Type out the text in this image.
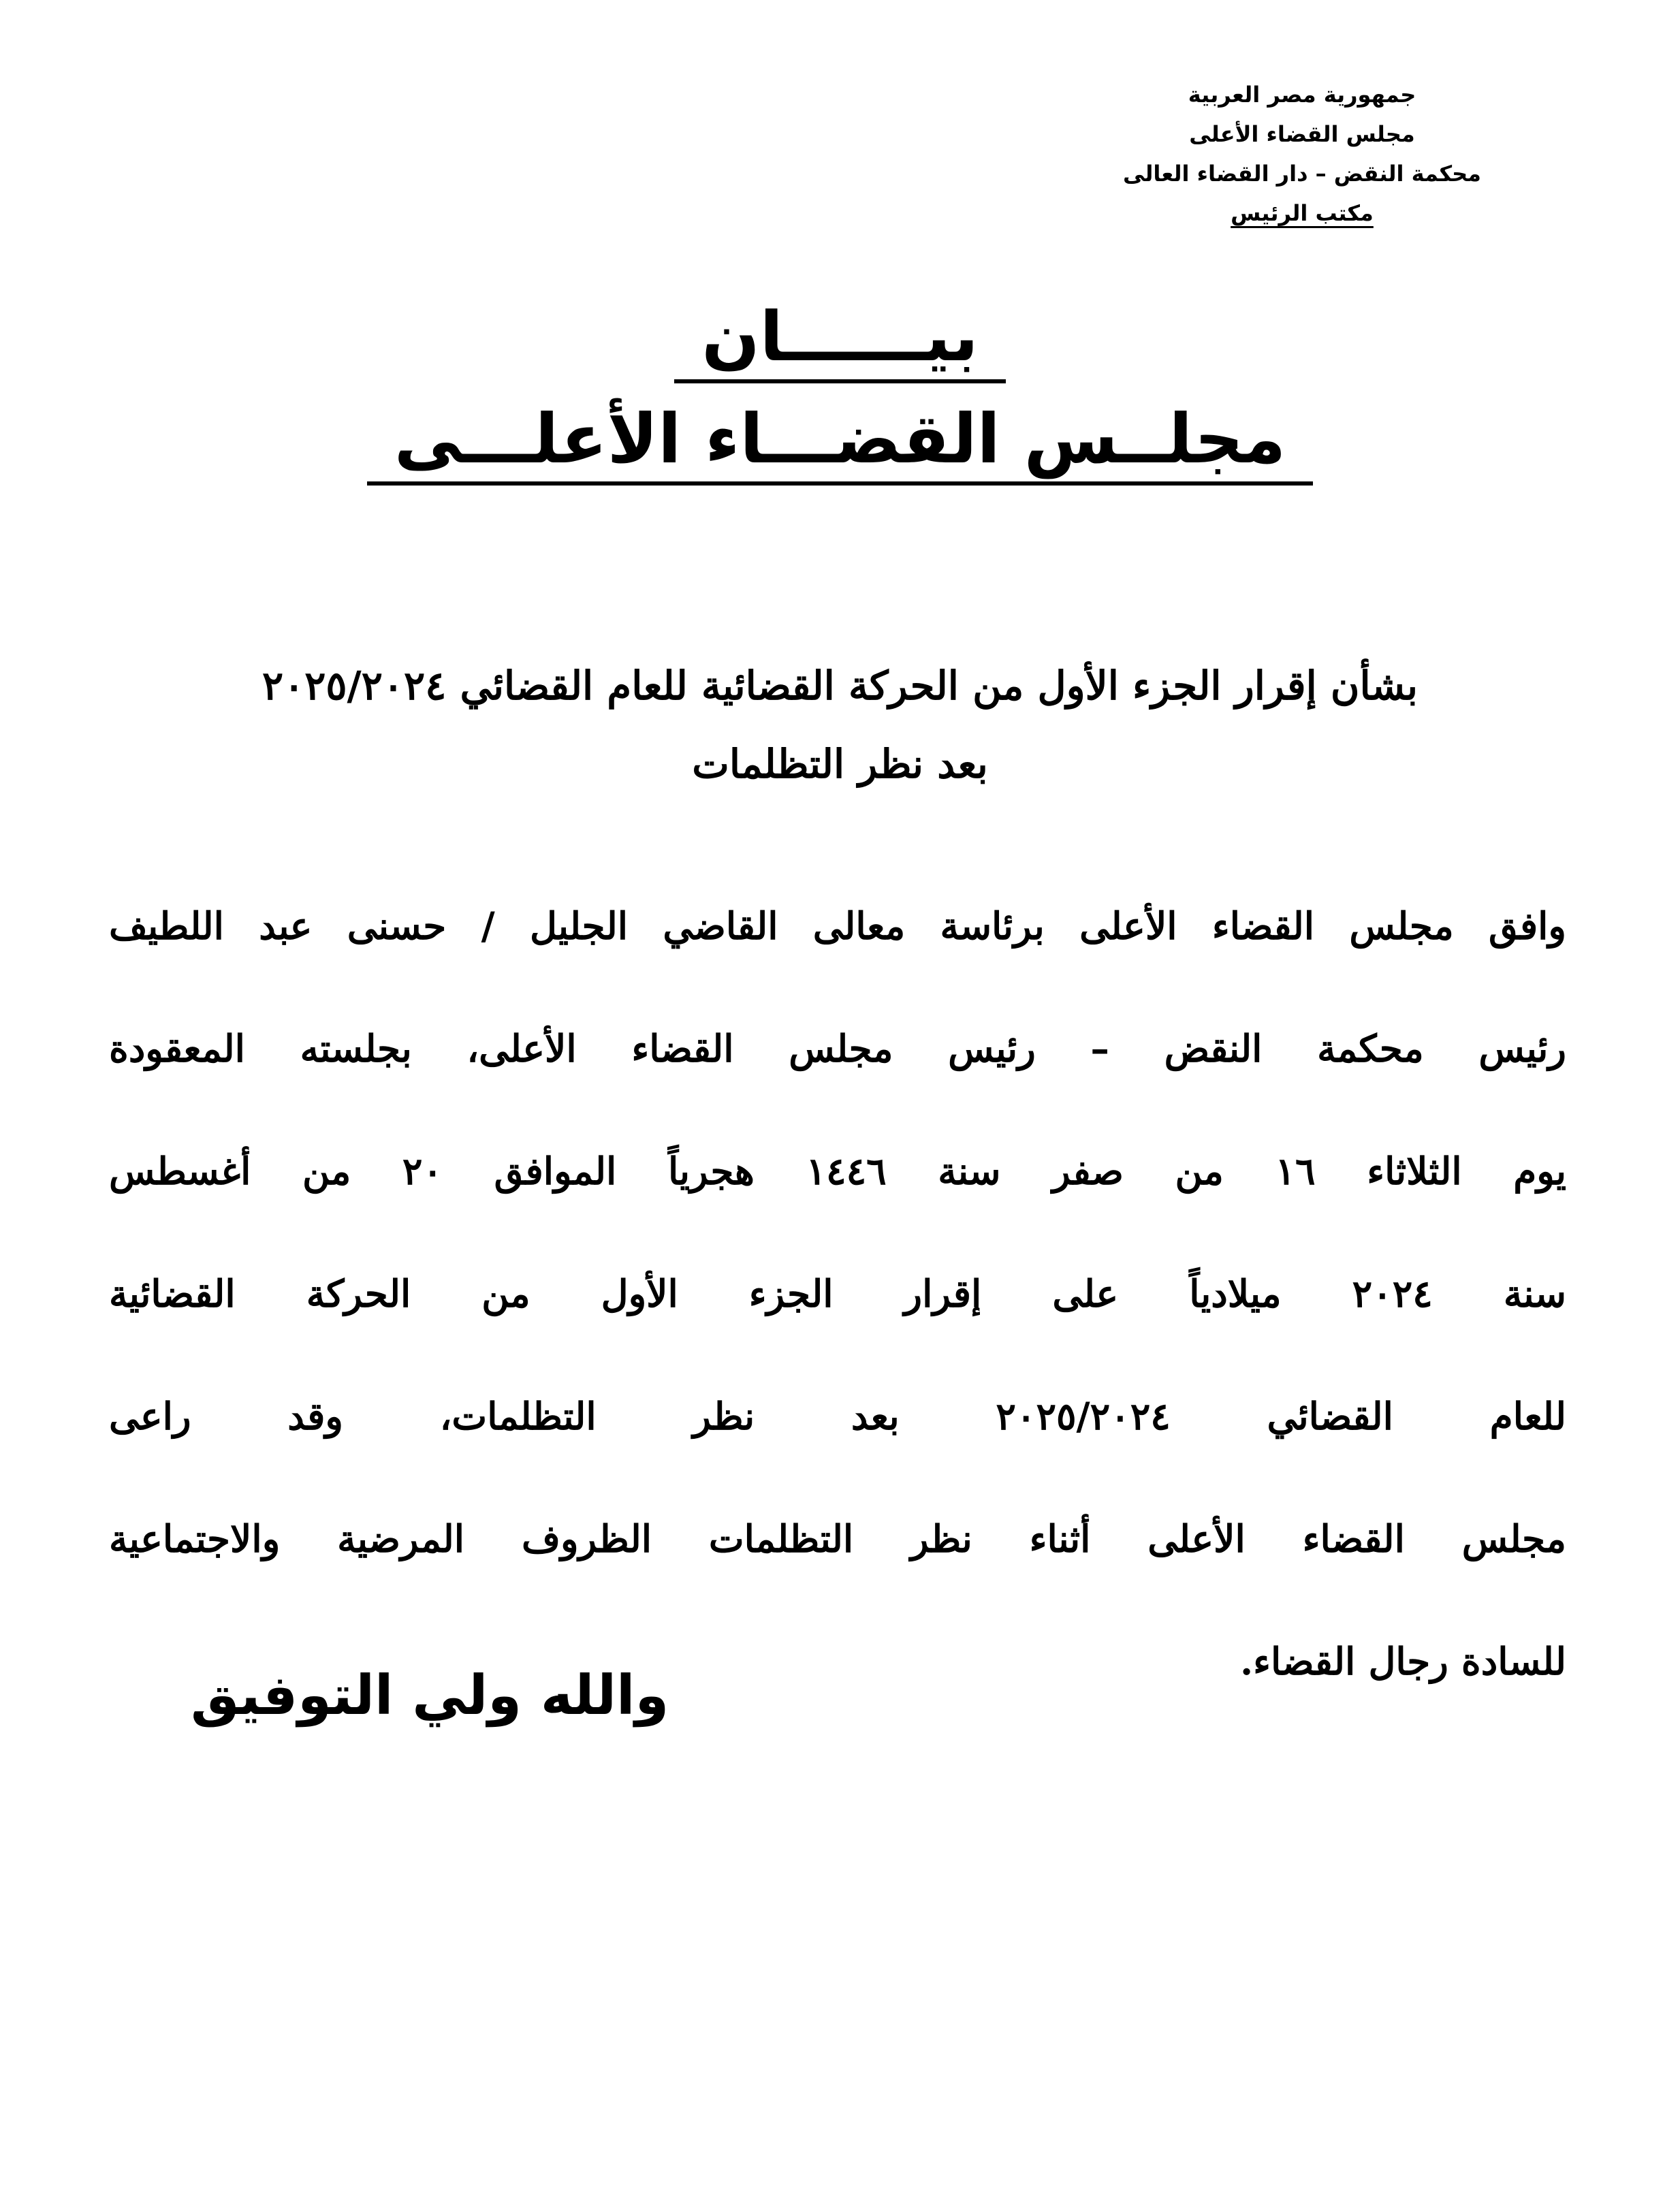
جمهورية مصر العربية
مجلس القضاء الأعلى
محكمة النقض – دار القضاء العالى
مكتب الرئيس
بيــــــان
مجلــس القضـــاء الأعلـــى
بشأن إقرار الجزء الأول من الحركة القضائية للعام القضائي ٢٠٢٥/٢٠٢٤
بعد نظر التظلمات
وافق مجلس القضاء الأعلى برئاسة معالى القاضي الجليل / حسنى عبد اللطيف
رئيس محكمة النقض – رئيس مجلس القضاء الأعلى، بجلسته المعقودة
يوم الثلاثاء ١٦ من صفر سنة ١٤٤٦ هجرياً الموافق ٢٠ من أغسطس
سنة ٢٠٢٤ ميلادياً على إقرار الجزء الأول من الحركة القضائية
للعام القضائي ٢٠٢٥/٢٠٢٤ بعد نظر التظلمات، وقد راعى
مجلس القضاء الأعلى أثناء نظر التظلمات الظروف المرضية والاجتماعية
للسادة رجال القضاء.
والله ولي التوفيق
